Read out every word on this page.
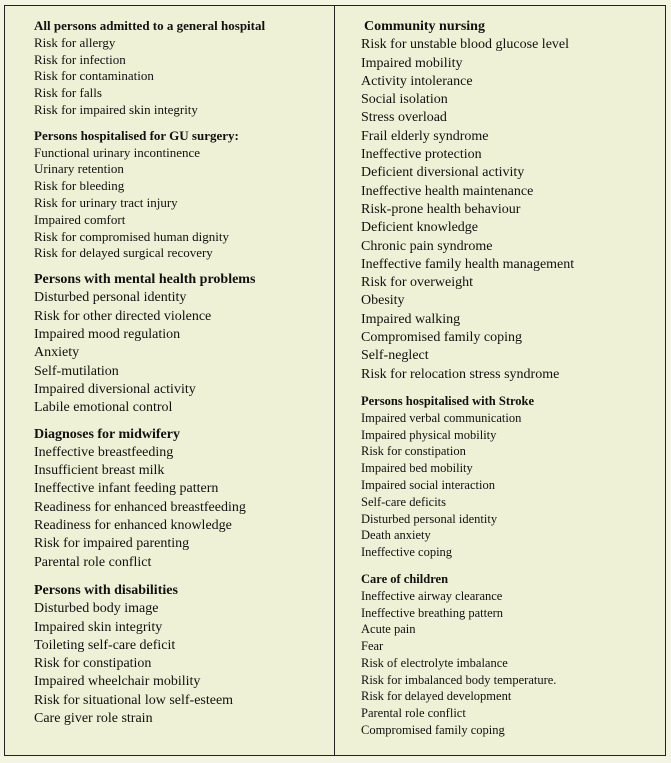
All persons admitted to a general hospital
Risk for allergy
Risk for infection
Risk for contamination
Risk for falls
Risk for impaired skin integrity
Persons hospitalised for GU surgery:
Functional urinary incontinence
Urinary retention
Risk for bleeding
Risk for urinary tract injury
Impaired comfort
Risk for compromised human dignity
Risk for delayed surgical recovery
Persons with mental health problems
Disturbed personal identity
Risk for other directed violence
Impaired mood regulation
Anxiety
Self-mutilation
Impaired diversional activity
Labile emotional control
Diagnoses for midwifery
Ineffective breastfeeding
Insufficient breast milk
Ineffective infant feeding pattern
Readiness for enhanced breastfeeding
Readiness for enhanced knowledge
Risk for impaired parenting
Parental role conflict
Persons with disabilities
Disturbed body image
Impaired skin integrity
Toileting self-care deficit
Risk for constipation
Impaired wheelchair mobility
Risk for situational low self-esteem
Care giver role strain
Community nursing
Risk for unstable blood glucose level
Impaired mobility
Activity intolerance
Social isolation
Stress overload
Frail elderly syndrome
Ineffective protection
Deficient diversional activity
Ineffective health maintenance
Risk-prone health behaviour
Deficient knowledge
Chronic pain syndrome
Ineffective family health management
Risk for overweight
Obesity
Impaired walking
Compromised family coping
Self-neglect
Risk for relocation stress syndrome
Persons hospitalised with Stroke
Impaired verbal communication
Impaired physical mobility
Risk for constipation
Impaired bed mobility
Impaired social interaction
Self-care deficits
Disturbed personal identity
Death anxiety
Ineffective coping
Care of children
Ineffective airway clearance
Ineffective breathing pattern
Acute pain
Fear
Risk of electrolyte imbalance
Risk for imbalanced body temperature.
Risk for delayed development
Parental role conflict
Compromised family coping
